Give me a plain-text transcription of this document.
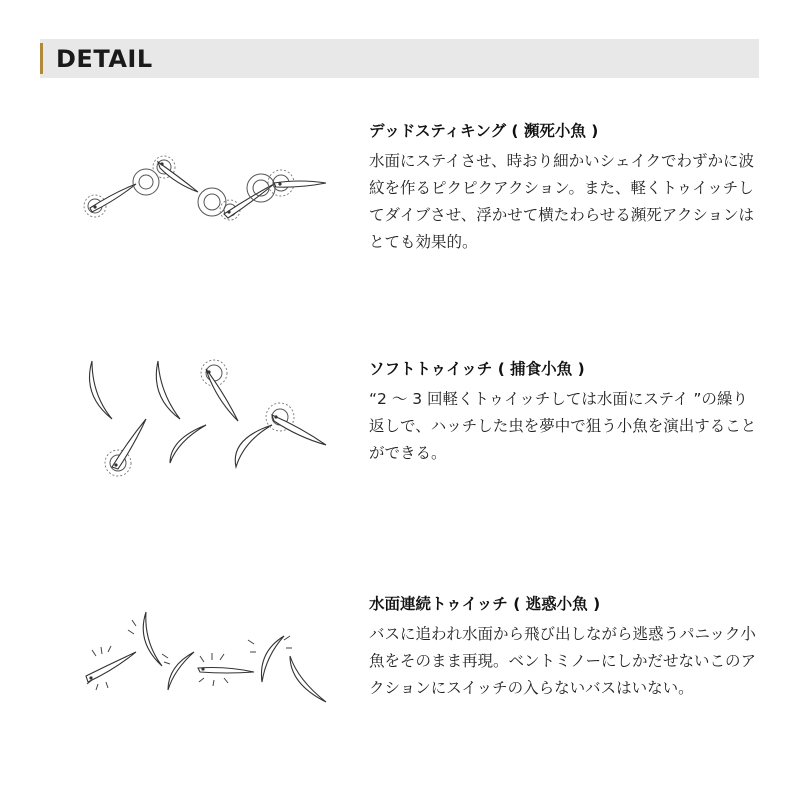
DETAIL

デッドスティキング ( 瀕死小魚 )

水面にステイさせ、時おり細かいシェイクでわずかに波紋を作るピクピクアクション。また、軽くトゥイッチしてダイブさせ、浮かせて横たわらせる瀕死アクションはとても効果的。

ソフトトゥイッチ ( 捕食小魚 )

“2 ～ 3 回軽くトゥイッチしては水面にステイ ”の繰り返しで、ハッチした虫を夢中で狙う小魚を演出することができる。

水面連続トゥイッチ ( 逃惑小魚 )

バスに追われ水面から飛び出しながら逃惑うパニック小魚をそのまま再現。ベントミノーにしかだせないこのアクションにスイッチの入らないバスはいない。
